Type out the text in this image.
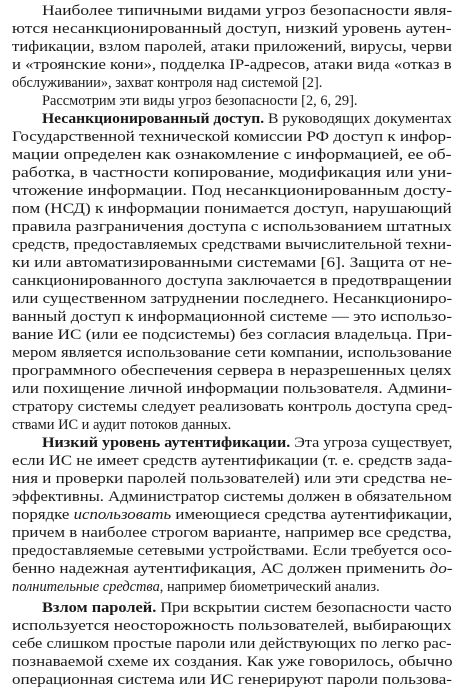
Наиболее типичными видами угроз безопасности явля-
ются несанкционированный доступ, низкий уровень аутен-
тификации, взлом паролей, атаки приложений, вирусы, черви
и «троянские кони», подделка IP-адресов, атаки вида «отказ в
обслуживании», захват контроля над системой [2].
Рассмотрим эти виды угроз безопасности [2, 6, 29].
Несанкционированный доступ. В руководящих документах
Государственной технической комиссии РФ доступ к инфор-
мации определен как ознакомление с информацией, ее об-
работка, в частности копирование, модификация или уни-
чтожение информации. Под несанкционированным досту-
пом (НСД) к информации понимается доступ, нарушающий
правила разграничения доступа с использованием штатных
средств, предоставляемых средствами вычислительной техни-
ки или автоматизированными системами [6]. Защита от не-
санкционированного доступа заключается в предотвращении
или существенном затруднении последнего. Несанкциониро-
ванный доступ к информационной системе — это использо-
вание ИС (или ее подсистемы) без согласия владельца. При-
мером является использование сети компании, использование
программного обеспечения сервера в неразрешенных целях
или похищение личной информации пользователя. Админи-
стратору системы следует реализовать контроль доступа сред-
ствами ИС и аудит потоков данных.
Низкий уровень аутентификации. Эта угроза существует,
если ИС не имеет средств аутентификации (т. е. средств зада-
ния и проверки паролей пользователей) или эти средства не-
эффективны. Администратор системы должен в обязательном
порядке использовать имеющиеся средства аутентификации,
причем в наиболее строгом варианте, например все средства,
предоставляемые сетевыми устройствами. Если требуется осо-
бенно надежная аутентификация, АС должен применить до-
полнительные средства, например биометрический анализ.
Взлом паролей. При вскрытии систем безопасности часто
используется неосторожность пользователей, выбирающих
себе слишком простые пароли или действующих по легко рас-
познаваемой схеме их создания. Как уже говорилось, обычно
операционная система или ИС генерируют пароли пользова-
